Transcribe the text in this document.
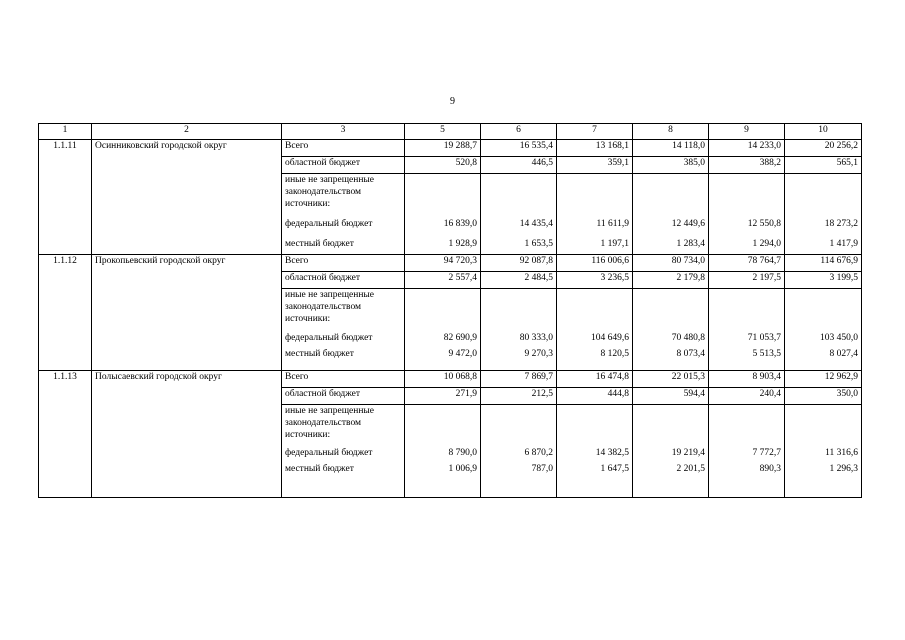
9
1	2	3	5	6	7	8	9	10
1.1.11	Осинниковский городской округ	Всего	19 288,7	16 535,4	13 168,1	14 118,0	14 233,0	20 256,2
		областной бюджет	520,8	446,5	359,1	385,0	388,2	565,1
		иные не запрещенные законодательством источники:						
		федеральный бюджет	16 839,0	14 435,4	11 611,9	12 449,6	12 550,8	18 273,2
		местный бюджет	1 928,9	1 653,5	1 197,1	1 283,4	1 294,0	1 417,9
1.1.12	Прокопьевский городской округ	Всего	94 720,3	92 087,8	116 006,6	80 734,0	78 764,7	114 676,9
		областной бюджет	2 557,4	2 484,5	3 236,5	2 179,8	2 197,5	3 199,5
		иные не запрещенные законодательством источники:						
		федеральный бюджет	82 690,9	80 333,0	104 649,6	70 480,8	71 053,7	103 450,0
		местный бюджет	9 472,0	9 270,3	8 120,5	8 073,4	5 513,5	8 027,4
1.1.13	Полысаевский городской округ	Всего	10 068,8	7 869,7	16 474,8	22 015,3	8 903,4	12 962,9
		областной бюджет	271,9	212,5	444,8	594,4	240,4	350,0
		иные не запрещенные законодательством источники:						
		федеральный бюджет	8 790,0	6 870,2	14 382,5	19 219,4	7 772,7	11 316,6
		местный бюджет	1 006,9	787,0	1 647,5	2 201,5	890,3	1 296,3
